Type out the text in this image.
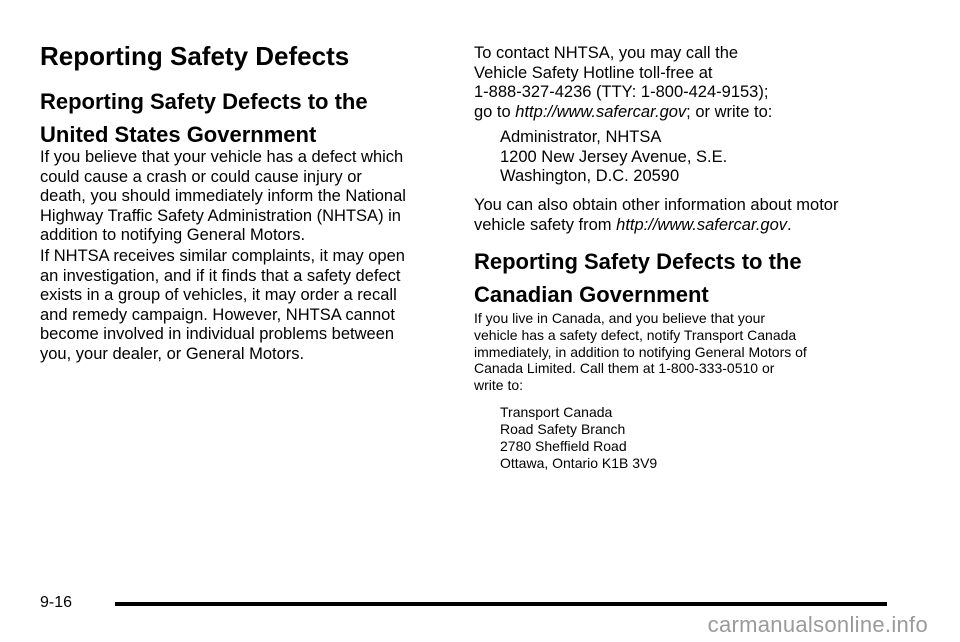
Reporting Safety Defects
Reporting Safety Defects to the
United States Government

If you believe that your vehicle has a defect which

could cause a crash or could cause injury or

death, you should immediately inform the National

Highway Traffic Safety Administration (NHTSA) in

addition to notifying General Motors.

If NHTSA receives similar complaints, it may open

an investigation, and if it finds that a safety defect

exists in a group of vehicles, it may order a recall

and remedy campaign. However, NHTSA cannot

become involved in individual problems between

you, your dealer, or General Motors.

To contact NHTSA, you may call the

Vehicle Safety Hotline toll-free at

1-888-327-4236 (TTY: 1-800-424-9153);

go to http://www.safercar.gov; or write to:

Administrator, NHTSA

1200 New Jersey Avenue, S.E.

Washington, D.C. 20590

You can also obtain other information about motor

vehicle safety from http://www.safercar.gov.

Reporting Safety Defects to the
Canadian Government

If you live in Canada, and you believe that your

vehicle has a safety defect, notify Transport Canada

immediately, in addition to notifying General Motors of

Canada Limited. Call them at 1-800-333-0510 or

write to:

Transport Canada

Road Safety Branch

2780 Sheffield Road

Ottawa, Ontario K1B 3V9

9-16
carmanualsonline.info
